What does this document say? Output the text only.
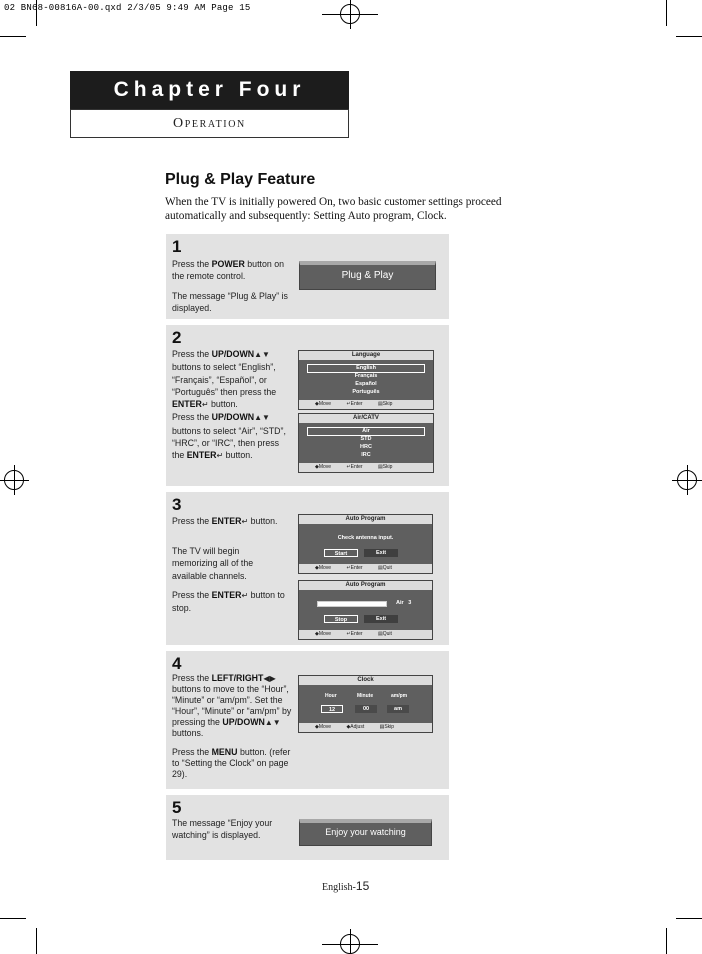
02 BN68-00816A-00.qxd 2/3/05 9:49 AM Page 15
Chapter Four
OPERATION
Plug & Play Feature
When the TV is initially powered On, two basic customer settings proceed automatically and subsequently: Setting Auto program, Clock.
1
Press the POWER button on the remote control.
The message “Plug & Play” is displayed.
Plug & Play
2
Press the UP/DOWN▲▼ buttons to select “English”, “Français”, “Español”, or “Português” then press the ENTER↵ button.
Press the UP/DOWN▲▼ buttons to select “Air”, “STD”, “HRC”, or “IRC”, then press the ENTER↵ button.
Language
English
Français
Español
Português
◆Move ↵Enter ▤Skip
Air/CATV
Air
STD
HRC
IRC
◆Move ↵Enter ▤Skip
3
Press the ENTER↵ button.
The TV will begin memorizing all of the available channels.
Press the ENTER↵ button to stop.
Auto Program
Check antenna input.
Start	Exit
◆Move ↵Enter ▤Quit
Auto Program
Air   3
Stop	Exit
◆Move ↵Enter ▤Quit
4
Press the LEFT/RIGHT◀▶ buttons to move to the “Hour”, “Minute” or “am/pm”. Set the “Hour”, “Minute” or “am/pm” by pressing the UP/DOWN▲▼ buttons.
Press the MENU button. (refer to “Setting the Clock” on page 29).
Clock
Hour	Minute	am/pm
12	00	am
◆Move ◆Adjust ▤Skip
5
The message “Enjoy your watching” is displayed.	Enjoy your watching
English-15
